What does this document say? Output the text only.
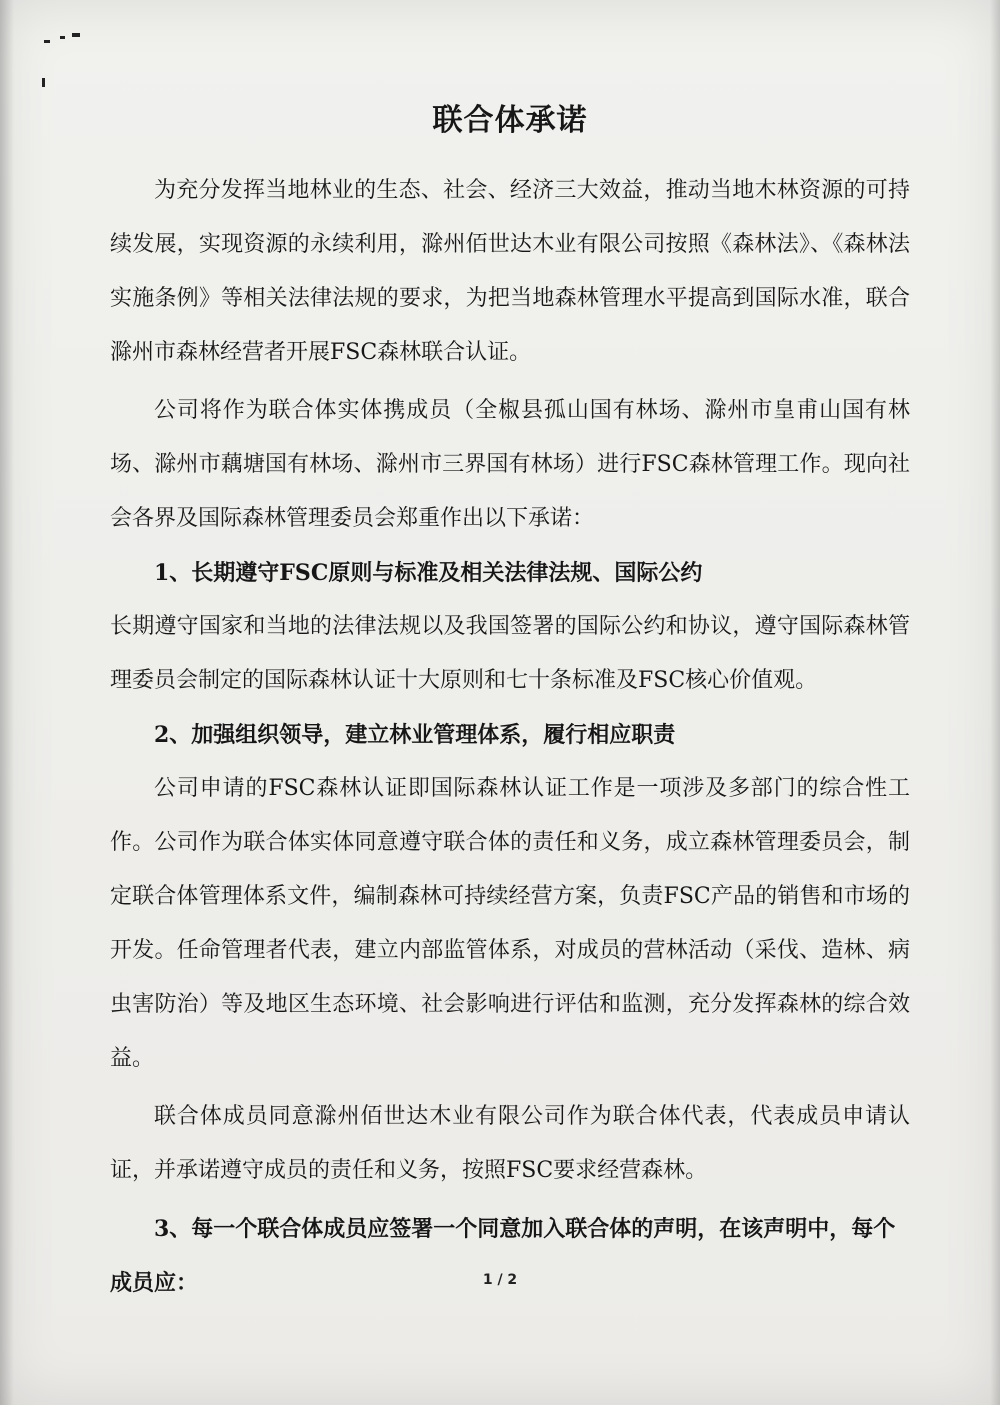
联合体承诺

为充分发挥当地林业的生态、社会、经济三大效益，推动当地木林资源的可持续发展，实现资源的永续利用，滁州佰世达木业有限公司按照《森林法》、《森林法实施条例》等相关法律法规的要求，为把当地森林管理水平提高到国际水准，联合滁州市森林经营者开展FSC森林联合认证。

公司将作为联合体实体携成员（全椒县孤山国有林场、滁州市皇甫山国有林场、滁州市藕塘国有林场、滁州市三界国有林场）进行FSC森林管理工作。现向社会各界及国际森林管理委员会郑重作出以下承诺：

1、长期遵守FSC原则与标准及相关法律法规、国际公约

长期遵守国家和当地的法律法规以及我国签署的国际公约和协议，遵守国际森林管理委员会制定的国际森林认证十大原则和七十条标准及FSC核心价值观。

2、加强组织领导，建立林业管理体系，履行相应职责

公司申请的FSC森林认证即国际森林认证工作是一项涉及多部门的综合性工作。公司作为联合体实体同意遵守联合体的责任和义务，成立森林管理委员会，制定联合体管理体系文件，编制森林可持续经营方案，负责FSC产品的销售和市场的开发。任命管理者代表，建立内部监管体系，对成员的营林活动（采伐、造林、病虫害防治）等及地区生态环境、社会影响进行评估和监测，充分发挥森林的综合效益。

联合体成员同意滁州佰世达木业有限公司作为联合体代表，代表成员申请认证，并承诺遵守成员的责任和义务，按照FSC要求经营森林。

3、每一个联合体成员应签署一个同意加入联合体的声明，在该声明中，每个成员应：	1 / 2
